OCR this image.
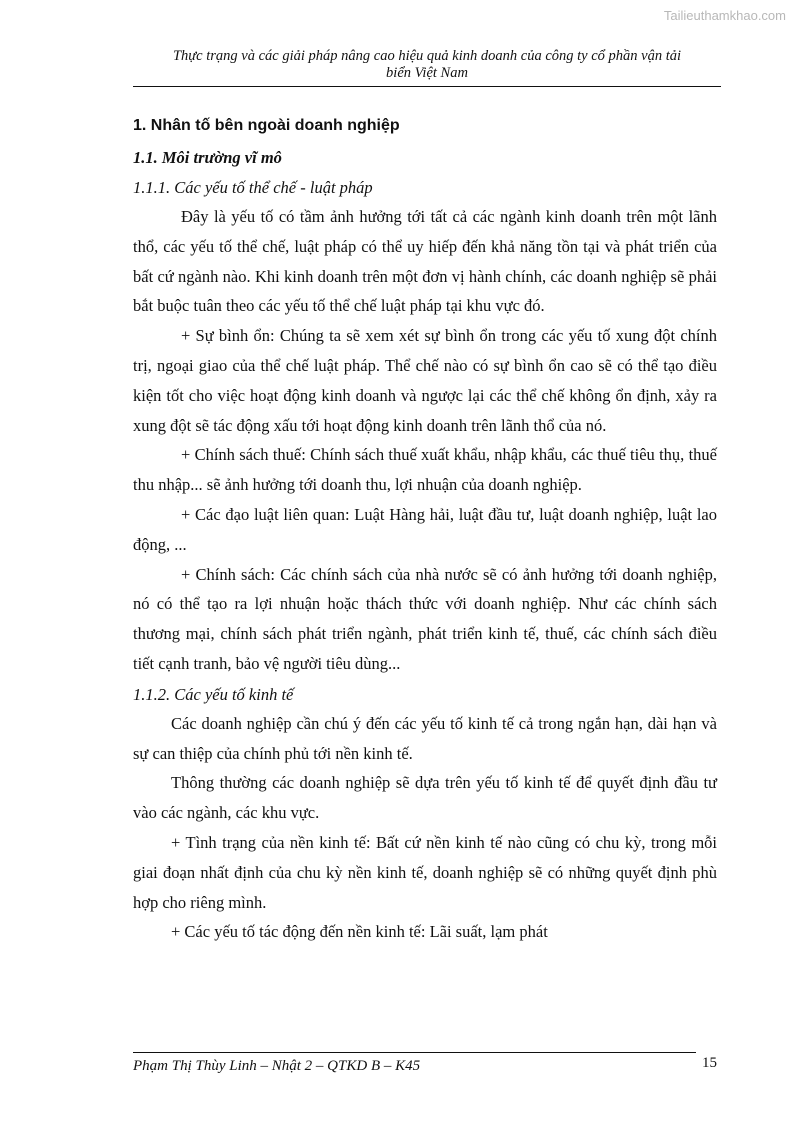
Tailieuthamkhao.com
Thực trạng và các giải pháp nâng cao hiệu quả kinh doanh của công ty cổ phần vận tải
biển Việt Nam
1. Nhân tố bên ngoài doanh nghiệp
1.1. Môi trường vĩ mô
1.1.1. Các yếu tố thể chế - luật pháp

Đây là yếu tố có tầm ảnh hưởng tới tất cả các ngành kinh doanh trên một lãnh thổ, các yếu tố thể chế, luật pháp có thể uy hiếp đến khả năng tồn tại và phát triển của bất cứ ngành nào. Khi kinh doanh trên một đơn vị hành chính, các doanh nghiệp sẽ phải bắt buộc tuân theo các yếu tố thể chế luật pháp tại khu vực đó.

+ Sự bình ổn: Chúng ta sẽ xem xét sự bình ổn trong các yếu tố xung đột chính trị, ngoại giao của thể chế luật pháp. Thể chế nào có sự bình ổn cao sẽ có thể tạo điều kiện tốt cho việc hoạt động kinh doanh và ngược lại các thể chế không ổn định, xảy ra xung đột sẽ tác động xấu tới hoạt động kinh doanh trên lãnh thổ của nó.

+ Chính sách thuế: Chính sách thuế xuất khẩu, nhập khẩu, các thuế tiêu thụ, thuế thu nhập... sẽ ảnh hưởng tới doanh thu, lợi nhuận của doanh nghiệp.

+ Các đạo luật liên quan: Luật Hàng hải, luật đầu tư, luật doanh nghiệp, luật lao động, ...

+ Chính sách: Các chính sách của nhà nước sẽ có ảnh hưởng tới doanh nghiệp, nó có thể tạo ra lợi nhuận hoặc thách thức với doanh nghiệp. Như các chính sách thương mại, chính sách phát triển ngành, phát triển kinh tế, thuế, các chính sách điều tiết cạnh tranh, bảo vệ người tiêu dùng...

1.1.2. Các yếu tố kinh tế

Các doanh nghiệp cần chú ý đến các yếu tố kinh tế cả trong ngắn hạn, dài hạn và sự can thiệp của chính phủ tới nền kinh tế.

Thông thường các doanh nghiệp sẽ dựa trên yếu tố kinh tế để quyết định đầu tư vào các ngành, các khu vực.

+ Tình trạng của nền kinh tế: Bất cứ nền kinh tế nào cũng có chu kỳ, trong mỗi giai đoạn nhất định của chu kỳ nền kinh tế, doanh nghiệp sẽ có những quyết định phù hợp cho riêng mình.

+ Các yếu tố tác động đến nền kinh tế: Lãi suất, lạm phát

Phạm Thị Thùy Linh – Nhật 2 – QTKD B – K45	15
